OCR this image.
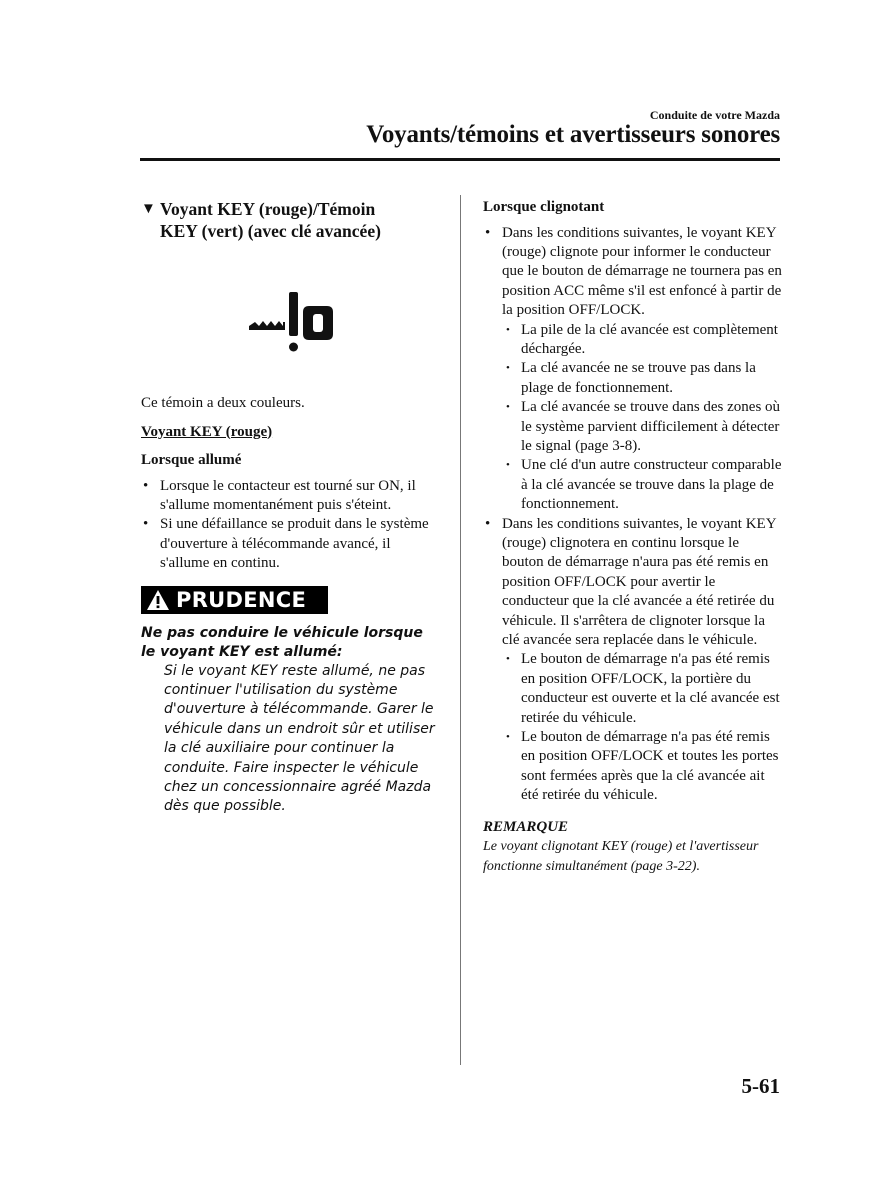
Conduite de votre Mazda
Voyants/témoins et avertisseurs sonores
▼ Voyant KEY (rouge)/Témoin
KEY (vert) (avec clé avancée)
Ce témoin a deux couleurs.
Voyant KEY (rouge)
Lorsque allumé
• Lorsque le contacteur est tourné sur ON, il s'allume momentanément puis s'éteint.
• Si une défaillance se produit dans le système d'ouverture à télécommande avancé, il s'allume en continu.
PRUDENCE
Ne pas conduire le véhicule lorsque le voyant KEY est allumé:
Si le voyant KEY reste allumé, ne pas continuer l'utilisation du système d'ouverture à télécommande. Garer le véhicule dans un endroit sûr et utiliser la clé auxiliaire pour continuer la conduite. Faire inspecter le véhicule chez un concessionnaire agréé Mazda dès que possible.
Lorsque clignotant
• Dans les conditions suivantes, le voyant KEY (rouge) clignote pour informer le conducteur que le bouton de démarrage ne tournera pas en position ACC même s'il est enfoncé à partir de la position OFF/LOCK.
• La pile de la clé avancée est complètement déchargée.
• La clé avancée ne se trouve pas dans la plage de fonctionnement.
• La clé avancée se trouve dans des zones où le système parvient difficilement à détecter le signal (page 3-8).
• Une clé d'un autre constructeur comparable à la clé avancée se trouve dans la plage de fonctionnement.
• Dans les conditions suivantes, le voyant KEY (rouge) clignotera en continu lorsque le bouton de démarrage n'aura pas été remis en position OFF/LOCK pour avertir le conducteur que la clé avancée a été retirée du véhicule. Il s'arrêtera de clignoter lorsque la clé avancée sera replacée dans le véhicule.
• Le bouton de démarrage n'a pas été remis en position OFF/LOCK, la portière du conducteur est ouverte et la clé avancée est retirée du véhicule.
• Le bouton de démarrage n'a pas été remis en position OFF/LOCK et toutes les portes sont fermées après que la clé avancée ait été retirée du véhicule.
REMARQUE
Le voyant clignotant KEY (rouge) et l'avertisseur fonctionne simultanément (page 3-22).
5-61
